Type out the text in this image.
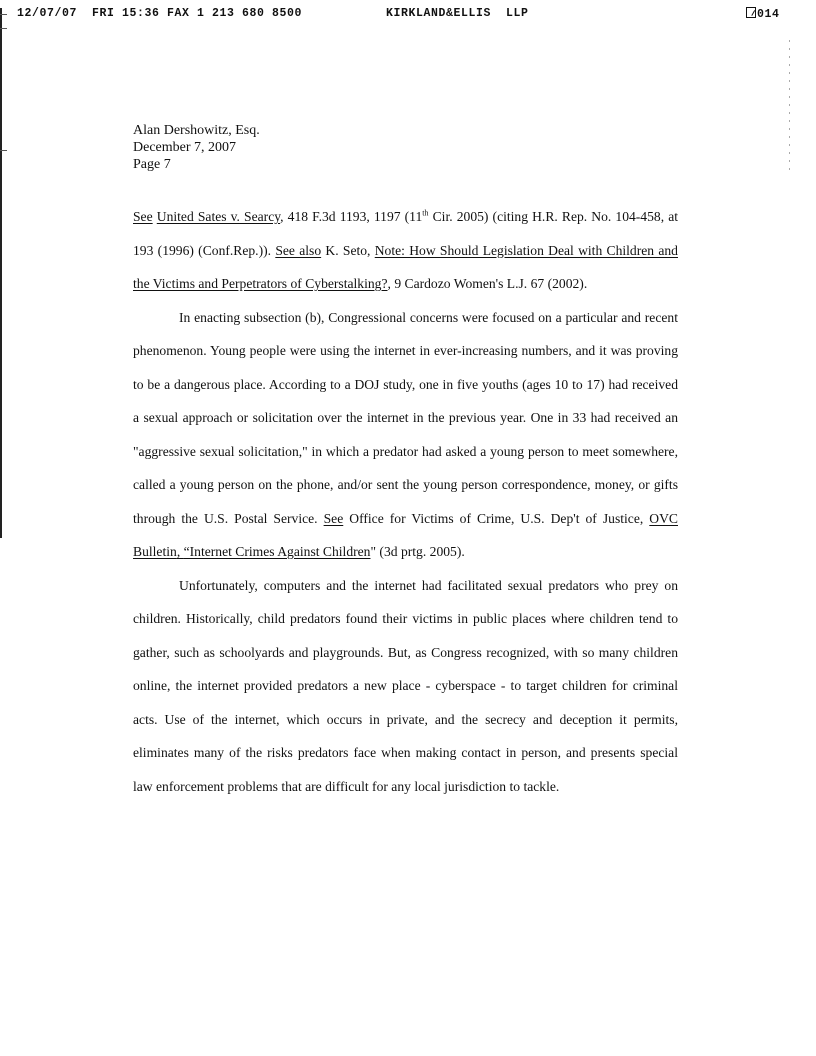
12/07/07  FRI 15:36 FAX 1 213 680 8500	KIRKLAND&ELLIS  LLP	014
Alan Dershowitz, Esq.
December 7, 2007
Page 7

See United Sates v. Searcy, 418 F.3d 1193, 1197 (11th Cir. 2005) (citing H.R. Rep. No. 104-458, at 193 (1996) (Conf.Rep.)). See also K. Seto, Note: How Should Legislation Deal with Children and the Victims and Perpetrators of Cyberstalking?, 9 Cardozo Women's L.J. 67 (2002).

In enacting subsection (b), Congressional concerns were focused on a particular and recent phenomenon. Young people were using the internet in ever-increasing numbers, and it was proving to be a dangerous place. According to a DOJ study, one in five youths (ages 10 to 17) had received a sexual approach or solicitation over the internet in the previous year. One in 33 had received an "aggressive sexual solicitation," in which a predator had asked a young person to meet somewhere, called a young person on the phone, and/or sent the young person correspondence, money, or gifts through the U.S. Postal Service. See Office for Victims of Crime, U.S. Dep't of Justice, OVC Bulletin, “Internet Crimes Against Children" (3d prtg. 2005).

Unfortunately, computers and the internet had facilitated sexual predators who prey on children. Historically, child predators found their victims in public places where children tend to gather, such as schoolyards and playgrounds. But, as Congress recognized, with so many children online, the internet provided predators a new place - cyberspace - to target children for criminal acts. Use of the internet, which occurs in private, and the secrecy and deception it permits, eliminates many of the risks predators face when making contact in person, and presents special law enforcement problems that are difficult for any local jurisdiction to tackle.
